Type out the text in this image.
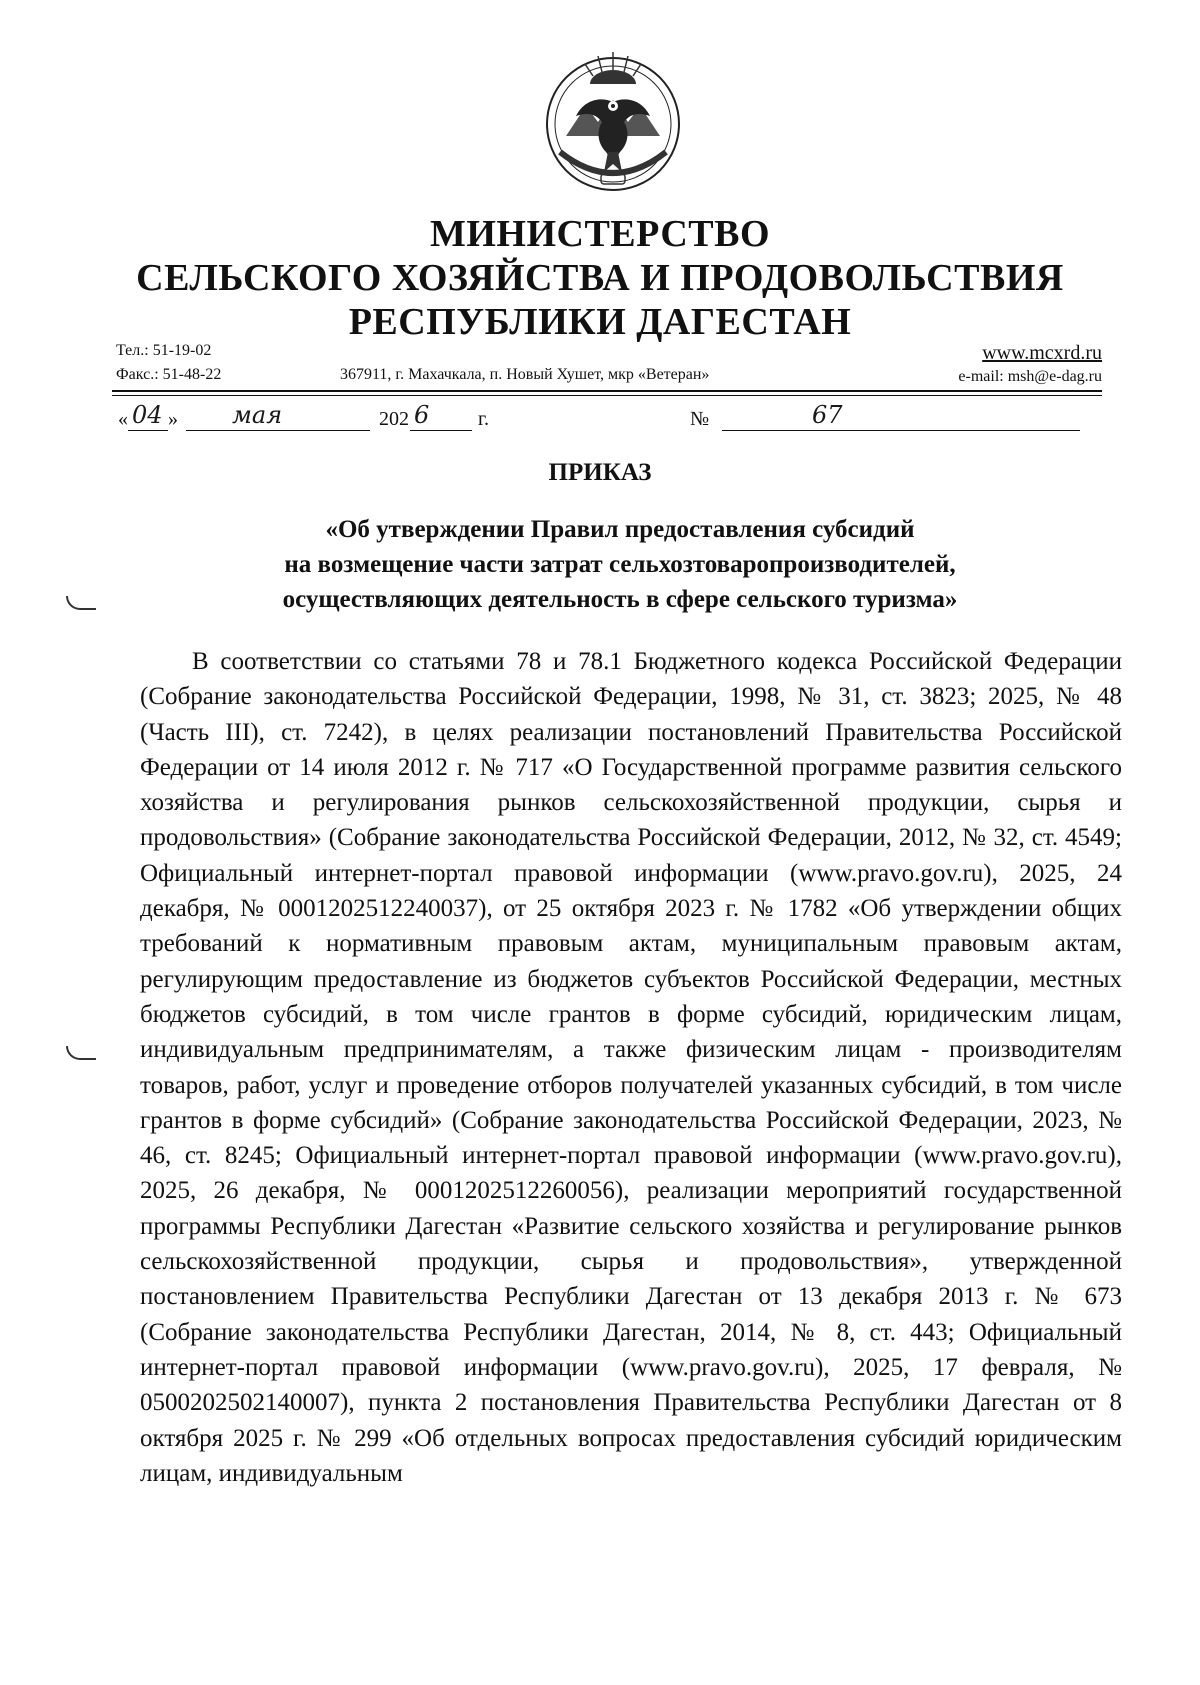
МИНИСТЕРСТВО
СЕЛЬСКОГО ХОЗЯЙСТВА И ПРОДОВОЛЬСТВИЯ
РЕСПУБЛИКИ ДАГЕСТАН
Тел.: 51-19-02
Факс.: 51-48-22	367911, г. Махачкала, п. Новый Хушет, мкр «Ветеран»
www.mcxrd.ru
e-mail: msh@e-dag.ru
« 04 » мая	202 6 г.	№	67
ПРИКАЗ
«Об утверждении Правил предоставления субсидий
на возмещение части затрат сельхозтоваропроизводителей,
осуществляющих деятельность в сфере сельского туризма»

В соответствии со статьями 78 и 78.1 Бюджетного кодекса Российской Федерации (Собрание законодательства Российской Федерации, 1998, № 31, ст. 3823; 2025, № 48 (Часть III), ст. 7242), в целях реализации постановлений Правительства Российской Федерации от 14 июля 2012 г. № 717 «О Государственной программе развития сельского хозяйства и регулирования рынков сельскохозяйственной продукции, сырья и продовольствия» (Собрание законодательства Российской Федерации, 2012, № 32, ст. 4549; Официальный интернет-портал правовой информации (www.pravo.gov.ru), 2025, 24 декабря, № 0001202512240037), от 25 октября 2023 г. № 1782 «Об утверждении общих требований к нормативным правовым актам, муниципальным правовым актам, регулирующим предоставление из бюджетов субъектов Российской Федерации, местных бюджетов субсидий, в том числе грантов в форме субсидий, юридическим лицам, индивидуальным предпринимателям, а также физическим лицам - производителям товаров, работ, услуг и проведение отборов получателей указанных субсидий, в том числе грантов в форме субсидий» (Собрание законодательства Российской Федерации, 2023, № 46, ст. 8245; Официальный интернет-портал правовой информации (www.pravo.gov.ru), 2025, 26 декабря, № 0001202512260056), реализации мероприятий государственной программы Республики Дагестан «Развитие сельского хозяйства и регулирование рынков сельскохозяйственной продукции, сырья и продовольствия», утвержденной постановлением Правительства Республики Дагестан от 13 декабря 2013 г. № 673 (Собрание законодательства Республики Дагестан, 2014, № 8, ст. 443; Официальный интернет-портал правовой информации (www.pravo.gov.ru), 2025, 17 февраля, № 0500202502140007), пункта 2 постановления Правительства Республики Дагестан от 8 октября 2025 г. № 299 «Об отдельных вопросах предоставления субсидий юридическим лицам, индивидуальным
